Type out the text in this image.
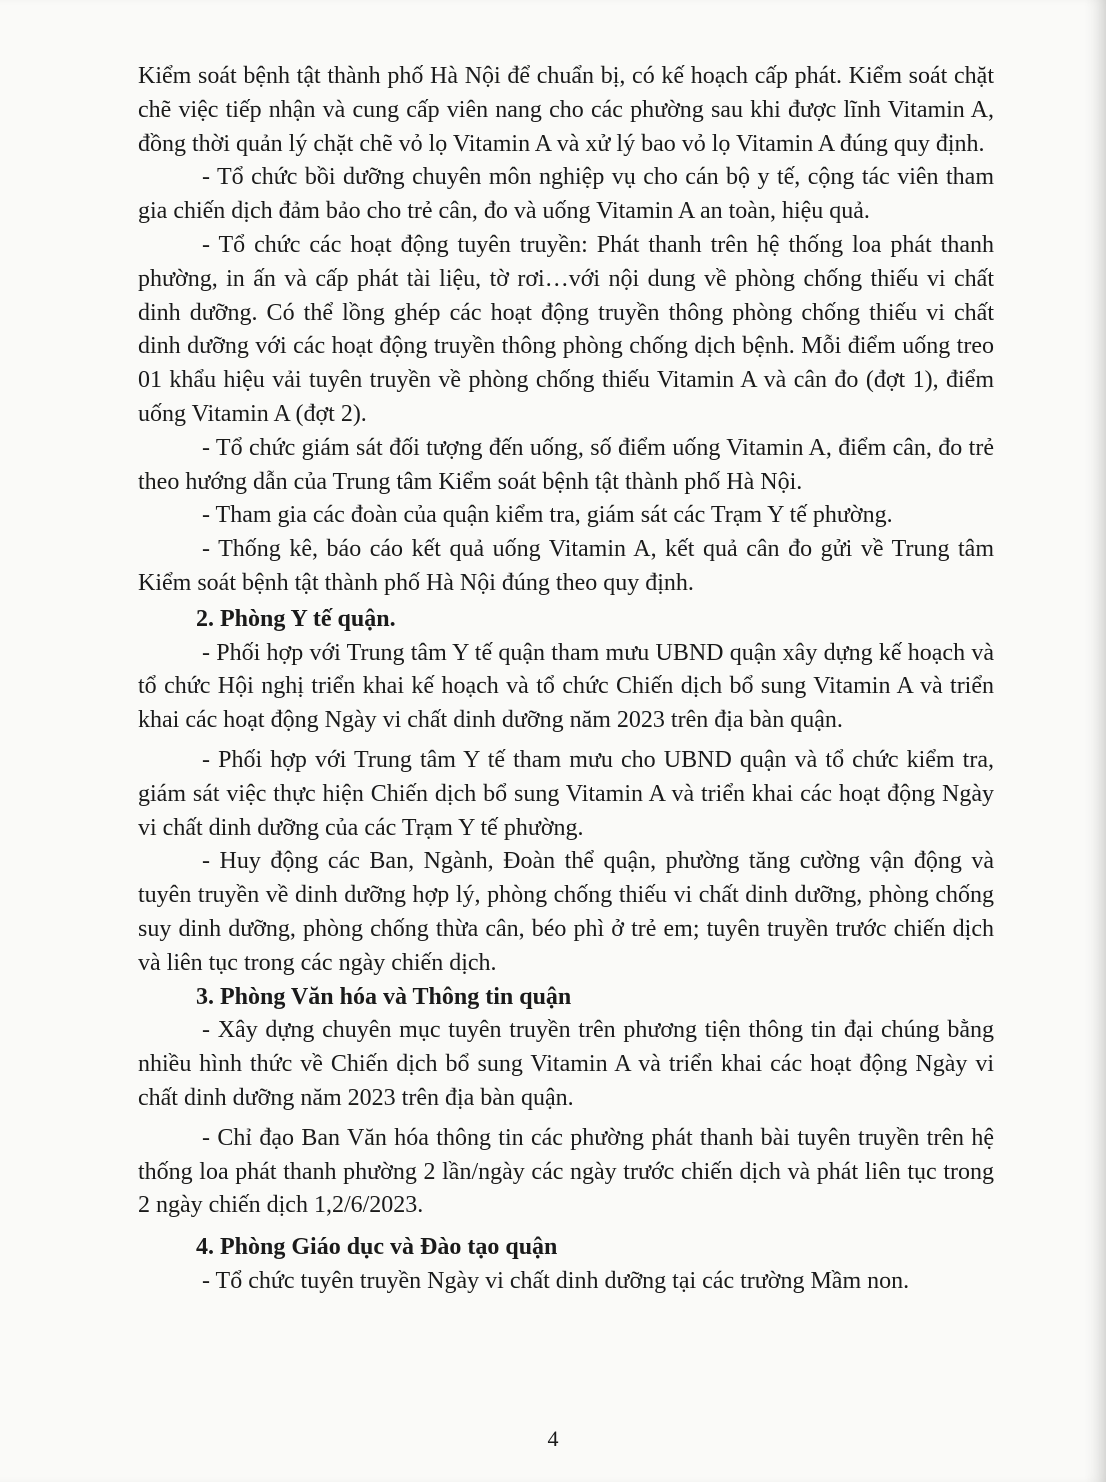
Kiểm soát bệnh tật thành phố Hà Nội để chuẩn bị, có kế hoạch cấp phát. Kiểm soát chặt chẽ việc tiếp nhận và cung cấp viên nang cho các phường sau khi được lĩnh Vitamin A, đồng thời quản lý chặt chẽ vỏ lọ Vitamin A và xử lý bao vỏ lọ Vitamin A đúng quy định.

- Tổ chức bồi dưỡng chuyên môn nghiệp vụ cho cán bộ y tế, cộng tác viên tham gia chiến dịch đảm bảo cho trẻ cân, đo và uống Vitamin A an toàn, hiệu quả.

- Tổ chức các hoạt động tuyên truyền: Phát thanh trên hệ thống loa phát thanh phường, in ấn và cấp phát tài liệu, tờ rơi…với nội dung về phòng chống thiếu vi chất dinh dưỡng. Có thể lồng ghép các hoạt động truyền thông phòng chống thiếu vi chất dinh dưỡng với các hoạt động truyền thông phòng chống dịch bệnh. Mỗi điểm uống treo 01 khẩu hiệu vải tuyên truyền về phòng chống thiếu Vitamin A và cân đo (đợt 1), điểm uống Vitamin A (đợt 2).

- Tổ chức giám sát đối tượng đến uống, số điểm uống Vitamin A, điểm cân, đo trẻ theo hướng dẫn của Trung tâm Kiểm soát bệnh tật thành phố Hà Nội.

- Tham gia các đoàn của quận kiểm tra, giám sát các Trạm Y tế phường.

- Thống kê, báo cáo kết quả uống Vitamin A, kết quả cân đo gửi về Trung tâm Kiểm soát bệnh tật thành phố Hà Nội đúng theo quy định.

2. Phòng Y tế quận.

- Phối hợp với Trung tâm Y tế quận tham mưu UBND quận xây dựng kế hoạch và tổ chức Hội nghị triển khai kế hoạch và tổ chức Chiến dịch bổ sung Vitamin A và triển khai các hoạt động Ngày vi chất dinh dưỡng năm 2023 trên địa bàn quận.

- Phối hợp với Trung tâm Y tế tham mưu cho UBND quận và tổ chức kiểm tra, giám sát việc thực hiện Chiến dịch bổ sung Vitamin A và triển khai các hoạt động Ngày vi chất dinh dưỡng của các Trạm Y tế phường.

- Huy động các Ban, Ngành, Đoàn thể quận, phường tăng cường vận động và tuyên truyền về dinh dưỡng hợp lý, phòng chống thiếu vi chất dinh dưỡng, phòng chống suy dinh dưỡng, phòng chống thừa cân, béo phì ở trẻ em; tuyên truyền trước chiến dịch và liên tục trong các ngày chiến dịch.

3. Phòng Văn hóa và Thông tin quận

- Xây dựng chuyên mục tuyên truyền trên phương tiện thông tin đại chúng bằng nhiều hình thức về Chiến dịch bổ sung Vitamin A và triển khai các hoạt động Ngày vi chất dinh dưỡng năm 2023 trên địa bàn quận.

- Chỉ đạo Ban Văn hóa thông tin các phường phát thanh bài tuyên truyền trên hệ thống loa phát thanh phường 2 lần/ngày các ngày trước chiến dịch và phát liên tục trong 2 ngày chiến dịch 1,2/6/2023.

4. Phòng Giáo dục và Đào tạo quận

- Tổ chức tuyên truyền Ngày vi chất dinh dưỡng tại các trường Mầm non.

4
